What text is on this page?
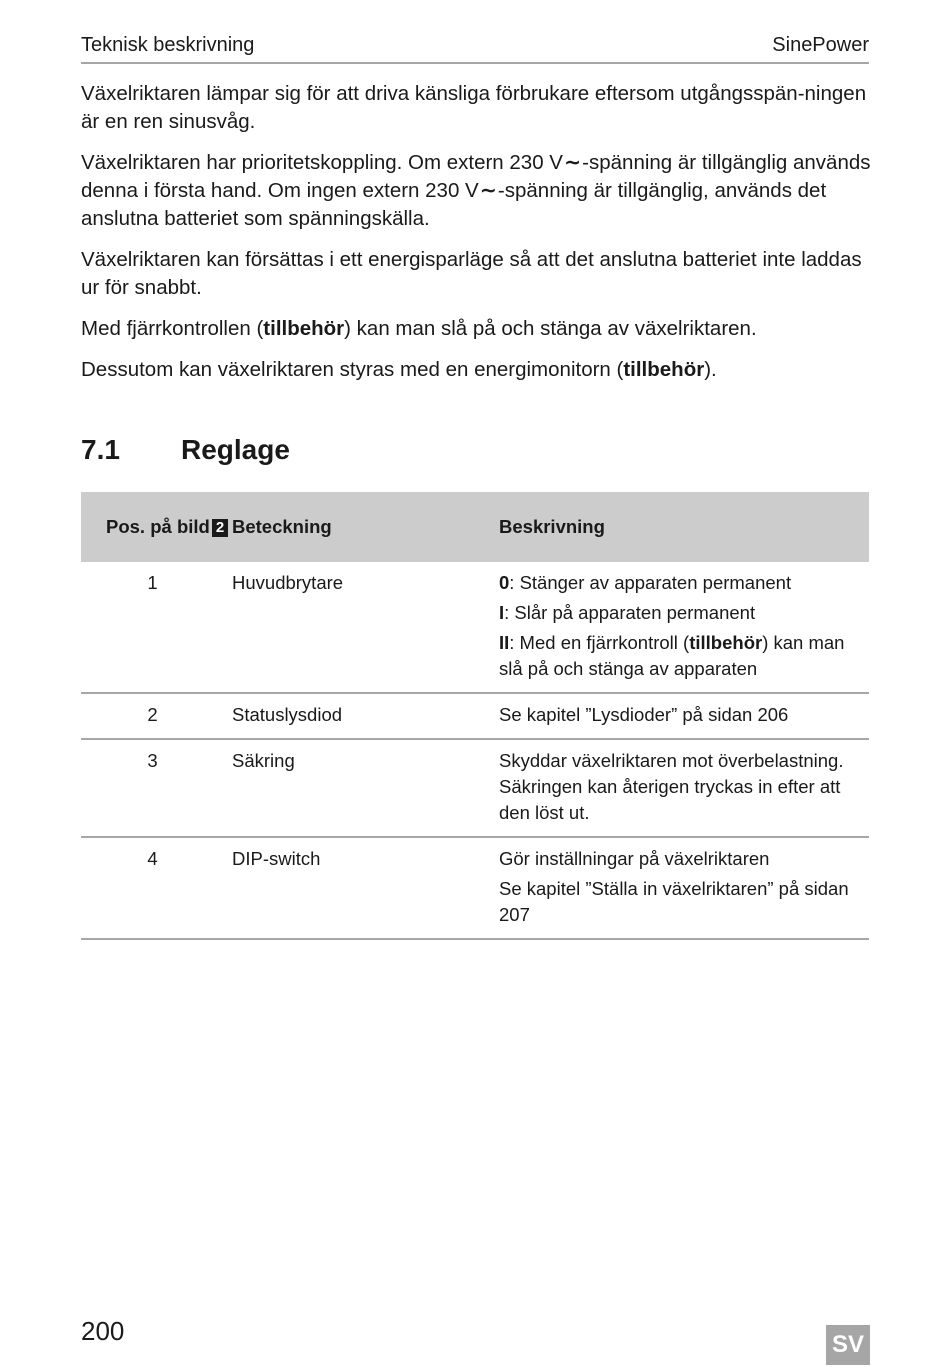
Teknisk beskrivning	SinePower

Växelriktaren lämpar sig för att driva känsliga förbrukare eftersom utgångsspän-ningen är en ren sinusvåg.

Växelriktaren har prioritetskoppling. Om extern 230 V∼-spänning är tillgänglig används denna i första hand. Om ingen extern 230 V∼-spänning är tillgänglig, används det anslutna batteriet som spänningskälla.

Växelriktaren kan försättas i ett energisparläge så att det anslutna batteriet inte laddas ur för snabbt.

Med fjärrkontrollen (tillbehör) kan man slå på och stänga av växelriktaren.

Dessutom kan växelriktaren styras med en energimonitorn (tillbehör).

7.1 Reglage
Pos. på bild 2	Beteckning	Beskrivning
1	Huvudbrytare	0: Stänger av apparaten permanent
I: Slår på apparaten permanent
II: Med en fjärrkontroll (tillbehör) kan man slå på och stänga av apparaten

2	Statuslysdiod	Se kapitel ”Lysdioder” på sidan 206

3	Säkring	Skyddar växelriktaren mot överbelastning. Säkringen kan återigen tryckas in efter att den löst ut.

4	DIP-switch	Gör inställningar på växelriktaren
Se kapitel ”Ställa in växelriktaren” på sidan 207
200	SV
